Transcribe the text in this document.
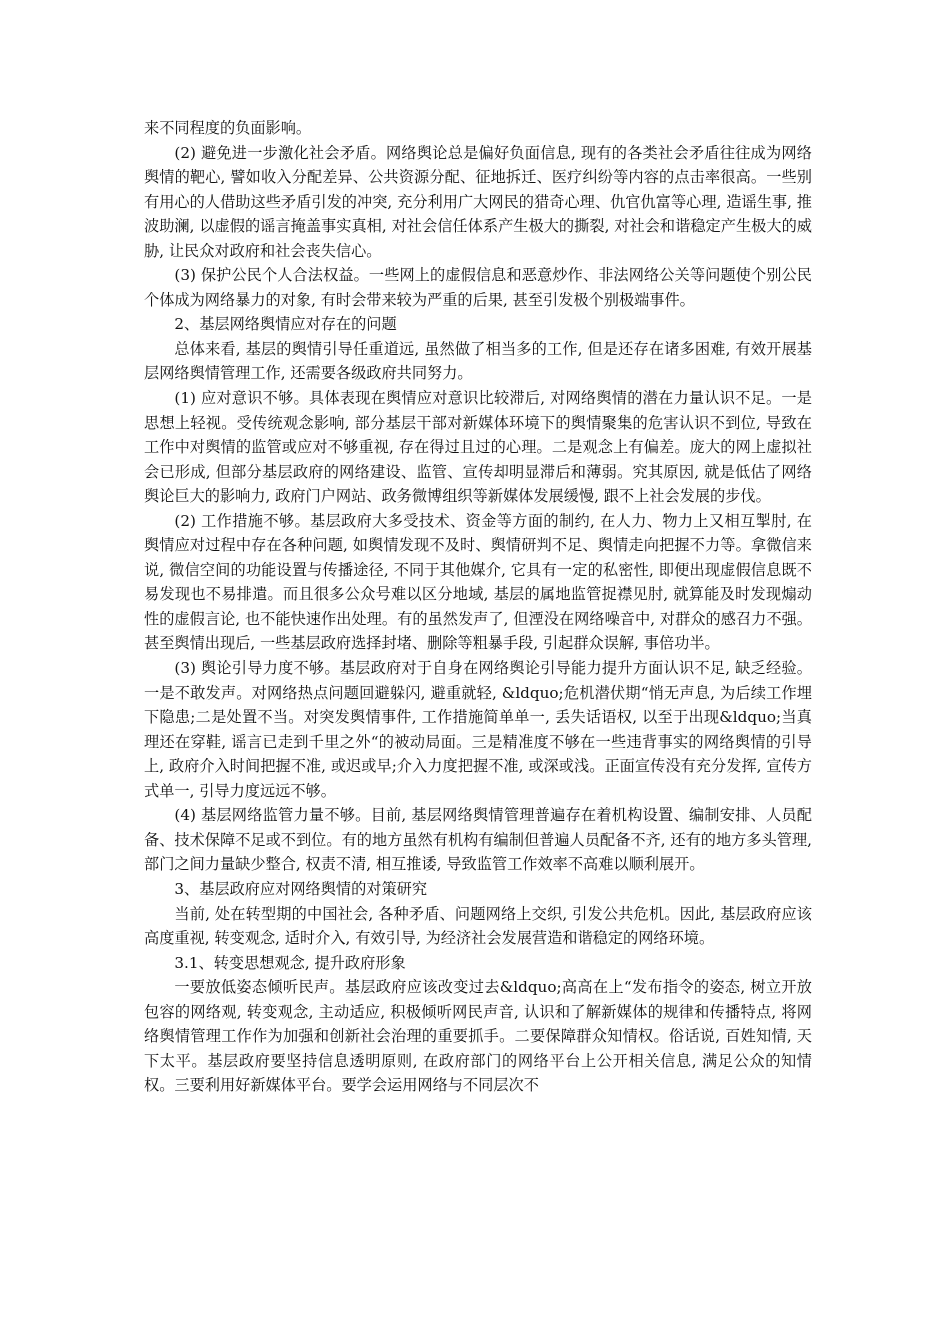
来不同程度的负面影响。

(2) 避免进一步激化社会矛盾。网络舆论总是偏好负面信息, 现有的各类社会矛盾往往成为网络舆情的靶心, 譬如收入分配差异、公共资源分配、征地拆迁、医疗纠纷等内容的点击率很高。一些别有用心的人借助这些矛盾引发的冲突, 充分利用广大网民的猎奇心理、仇官仇富等心理, 造谣生事, 推波助澜, 以虚假的谣言掩盖事实真相, 对社会信任体系产生极大的撕裂, 对社会和谐稳定产生极大的威胁, 让民众对政府和社会丧失信心。

(3) 保护公民个人合法权益。一些网上的虚假信息和恶意炒作、非法网络公关等问题使个别公民个体成为网络暴力的对象, 有时会带来较为严重的后果, 甚至引发极个别极端事件。

2、基层网络舆情应对存在的问题

总体来看, 基层的舆情引导任重道远, 虽然做了相当多的工作, 但是还存在诸多困难, 有效开展基层网络舆情管理工作, 还需要各级政府共同努力。

(1) 应对意识不够。具体表现在舆情应对意识比较滞后, 对网络舆情的潜在力量认识不足。一是思想上轻视。受传统观念影响, 部分基层干部对新媒体环境下的舆情聚集的危害认识不到位, 导致在工作中对舆情的监管或应对不够重视, 存在得过且过的心理。二是观念上有偏差。庞大的网上虚拟社会已形成, 但部分基层政府的网络建设、监管、宣传却明显滞后和薄弱。究其原因, 就是低估了网络舆论巨大的影响力, 政府门户网站、政务微博组织等新媒体发展缓慢, 跟不上社会发展的步伐。

(2) 工作措施不够。基层政府大多受技术、资金等方面的制约, 在人力、物力上又相互掣肘, 在舆情应对过程中存在各种问题, 如舆情发现不及时、舆情研判不足、舆情走向把握不力等。拿微信来说, 微信空间的功能设置与传播途径, 不同于其他媒介, 它具有一定的私密性, 即便出现虚假信息既不易发现也不易排遣。而且很多公众号难以区分地域, 基层的属地监管捉襟见肘, 就算能及时发现煽动性的虚假言论, 也不能快速作出处理。有的虽然发声了, 但湮没在网络噪音中, 对群众的感召力不强。甚至舆情出现后, 一些基层政府选择封堵、删除等粗暴手段, 引起群众误解, 事倍功半。

(3) 舆论引导力度不够。基层政府对于自身在网络舆论引导能力提升方面认识不足, 缺乏经验。一是不敢发声。对网络热点问题回避躲闪, 避重就轻, &ldquo;危机潜伏期“悄无声息, 为后续工作埋下隐患;二是处置不当。对突发舆情事件, 工作措施简单单一, 丢失话语权, 以至于出现&ldquo;当真理还在穿鞋, 谣言已走到千里之外“的被动局面。三是精准度不够在一些违背事实的网络舆情的引导上, 政府介入时间把握不准, 或迟或早;介入力度把握不准, 或深或浅。正面宣传没有充分发挥, 宣传方式单一, 引导力度远远不够。

(4) 基层网络监管力量不够。目前, 基层网络舆情管理普遍存在着机构设置、编制安排、人员配备、技术保障不足或不到位。有的地方虽然有机构有编制但普遍人员配备不齐, 还有的地方多头管理, 部门之间力量缺少整合, 权责不清, 相互推诿, 导致监管工作效率不高难以顺利展开。

3、基层政府应对网络舆情的对策研究

当前, 处在转型期的中国社会, 各种矛盾、问题网络上交织, 引发公共危机。因此, 基层政府应该高度重视, 转变观念, 适时介入, 有效引导, 为经济社会发展营造和谐稳定的网络环境。

3.1、转变思想观念, 提升政府形象

一要放低姿态倾听民声。基层政府应该改变过去&ldquo;高高在上“发布指令的姿态, 树立开放包容的网络观, 转变观念, 主动适应, 积极倾听网民声音, 认识和了解新媒体的规律和传播特点, 将网络舆情管理工作作为加强和创新社会治理的重要抓手。二要保障群众知情权。俗话说, 百姓知情, 天下太平。基层政府要坚持信息透明原则, 在政府部门的网络平台上公开相关信息, 满足公众的知情权。三要利用好新媒体平台。要学会运用网络与不同层次不
